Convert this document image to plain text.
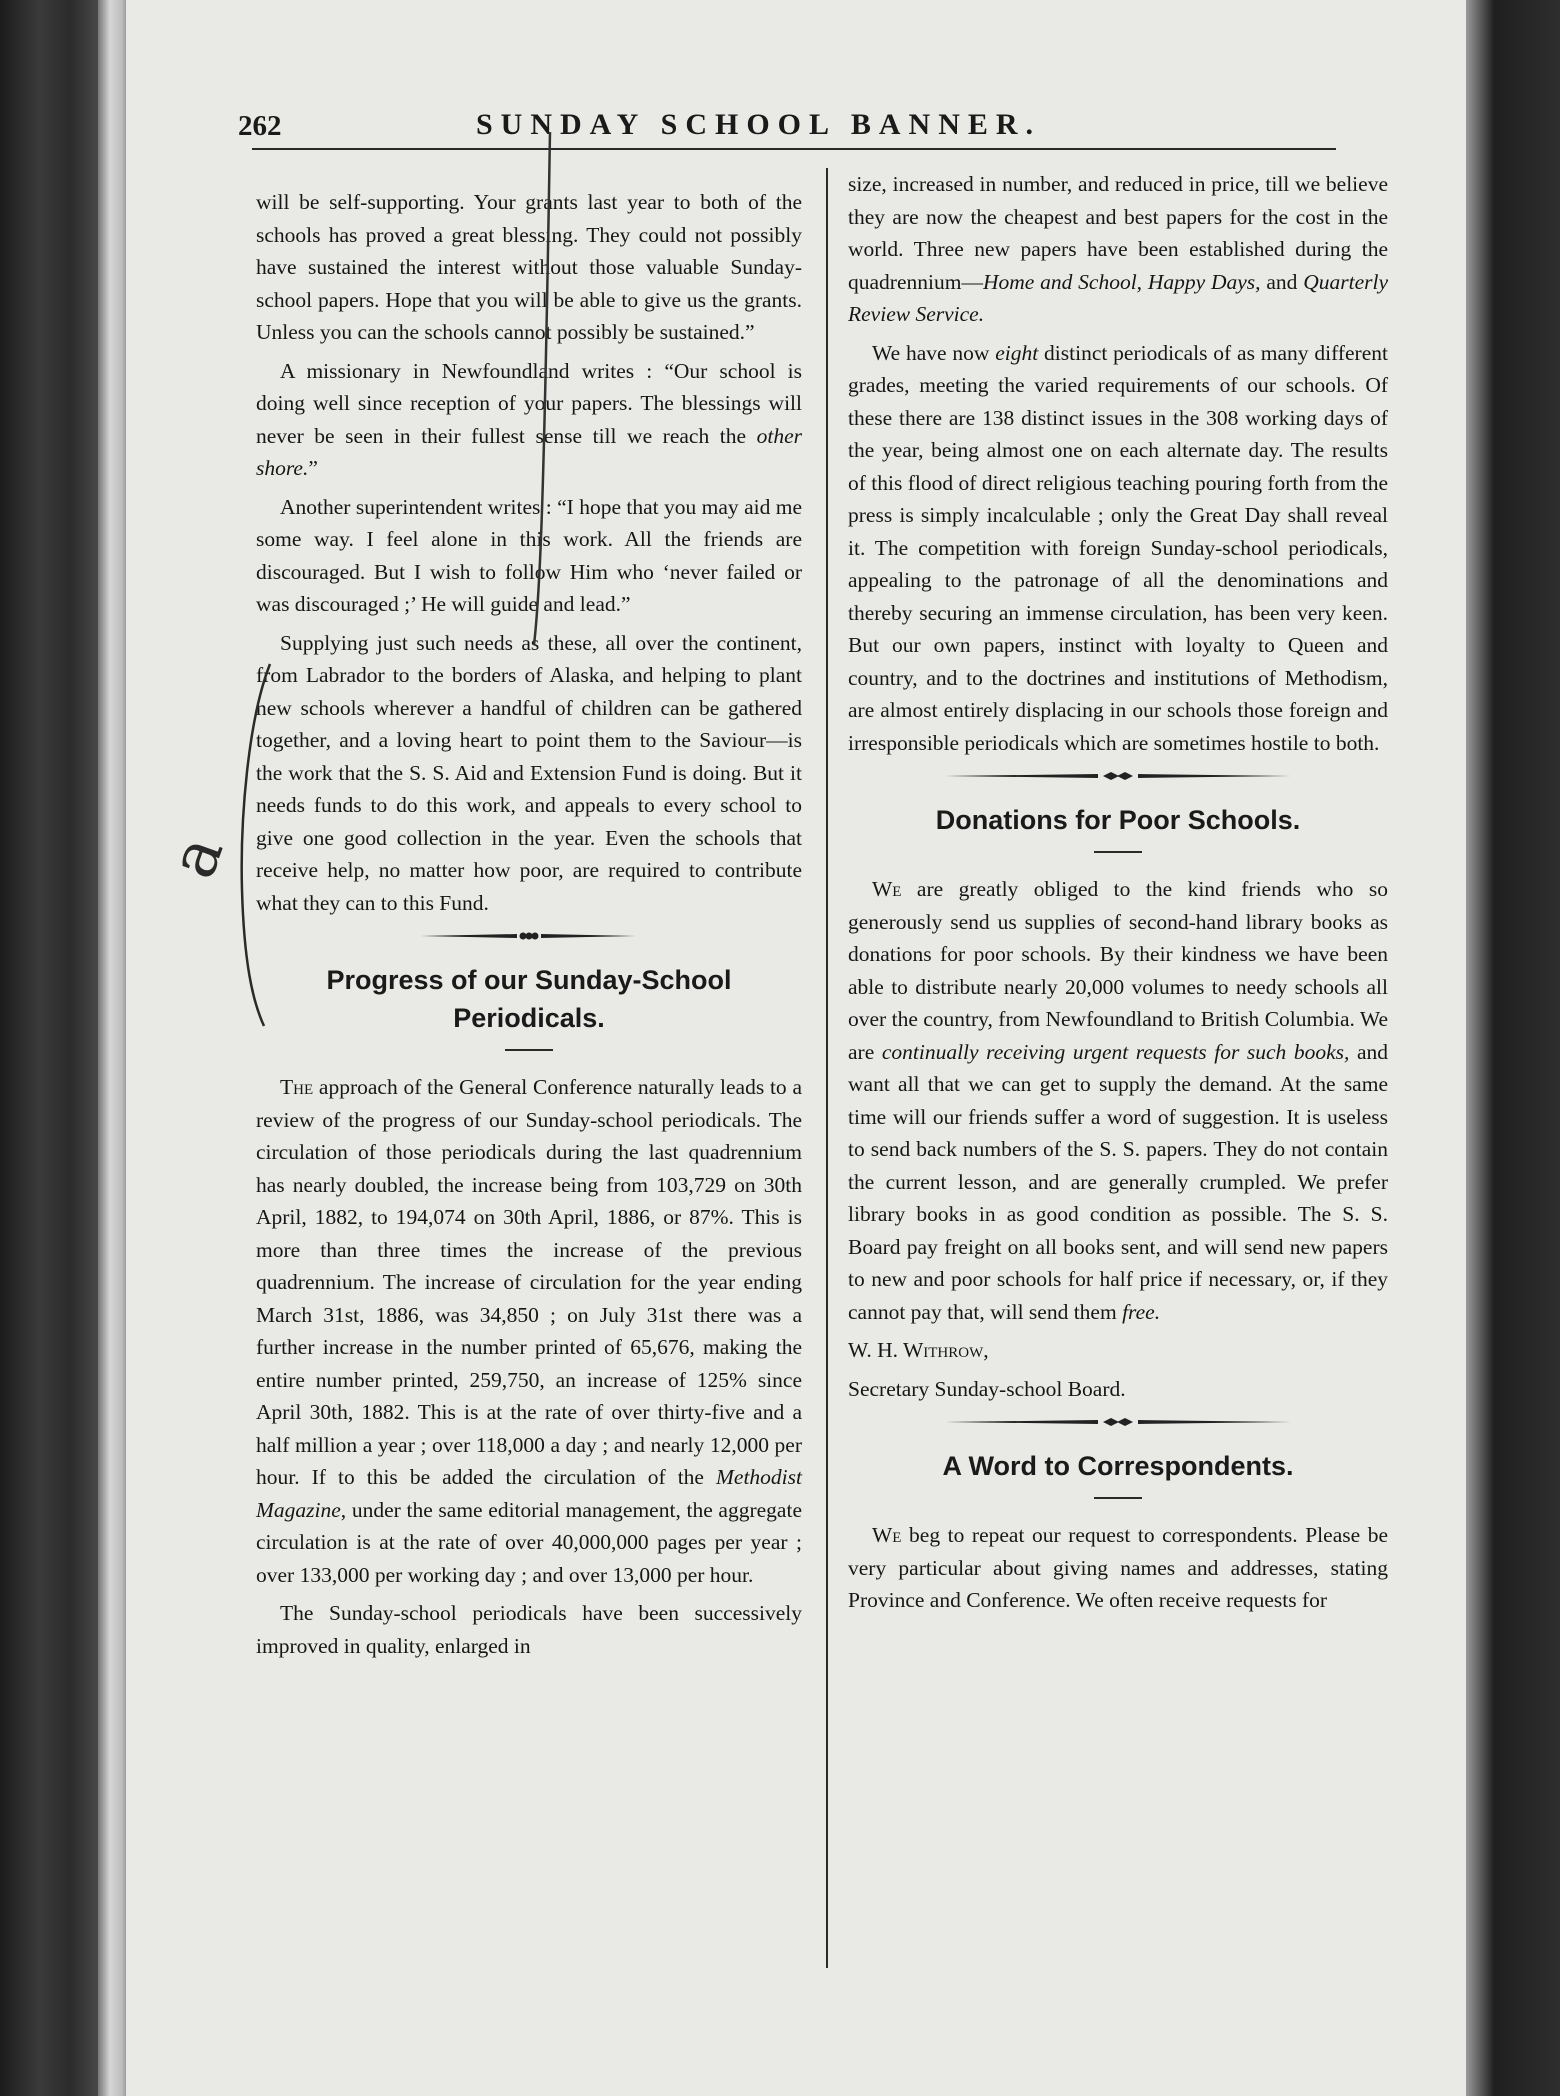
262	SUNDAY SCHOOL BANNER.

will be self-supporting. Your grants last year to both of the schools has proved a great blessing. They could not possibly have sustained the interest without those valuable Sunday-school papers. Hope that you will be able to give us the grants. Unless you can the schools cannot possibly be sustained.”

A missionary in Newfoundland writes : “Our school is doing well since reception of your papers. The blessings will never be seen in their fullest sense till we reach the other shore.”

Another superintendent writes : “I hope that you may aid me some way. I feel alone in this work. All the friends are discouraged. But I wish to follow Him who ‘never failed or was discouraged ;’ He will guide and lead.”

Supplying just such needs as these, all over the continent, from Labrador to the borders of Alaska, and helping to plant new schools wherever a handful of children can be gathered together, and a loving heart to point them to the Saviour—is the work that the S. S. Aid and Extension Fund is doing. But it needs funds to do this work, and appeals to every school to give one good collection in the year. Even the schools that receive help, no matter how poor, are required to contribute what they can to this Fund.

Progress of our Sunday-School Periodicals.

The approach of the General Conference naturally leads to a review of the progress of our Sunday-school periodicals. The circulation of those periodicals during the last quadrennium has nearly doubled, the increase being from 103,729 on 30th April, 1882, to 194,074 on 30th April, 1886, or 87%. This is more than three times the increase of the previous quadrennium. The increase of circulation for the year ending March 31st, 1886, was 34,850 ; on July 31st there was a further increase in the number printed of 65,676, making the entire number printed, 259,750, an increase of 125% since April 30th, 1882. This is at the rate of over thirty-five and a half million a year ; over 118,000 a day ; and nearly 12,000 per hour. If to this be added the circulation of the Methodist Magazine, under the same editorial management, the aggregate circulation is at the rate of over 40,000,000 pages per year ; over 133,000 per working day ; and over 13,000 per hour.

The Sunday-school periodicals have been successively improved in quality, enlarged in

size, increased in number, and reduced in price, till we believe they are now the cheapest and best papers for the cost in the world. Three new papers have been established during the quadrennium—Home and School, Happy Days, and Quarterly Review Service.

We have now eight distinct periodicals of as many different grades, meeting the varied requirements of our schools. Of these there are 138 distinct issues in the 308 working days of the year, being almost one on each alternate day. The results of this flood of direct religious teaching pouring forth from the press is simply incalculable ; only the Great Day shall reveal it. The competition with foreign Sunday-school periodicals, appealing to the patronage of all the denominations and thereby securing an immense circulation, has been very keen. But our own papers, instinct with loyalty to Queen and country, and to the doctrines and institutions of Methodism, are almost entirely displacing in our schools those foreign and irresponsible periodicals which are sometimes hostile to both.

Donations for Poor Schools.

We are greatly obliged to the kind friends who so generously send us supplies of second-hand library books as donations for poor schools. By their kindness we have been able to distribute nearly 20,000 volumes to needy schools all over the country, from Newfoundland to British Columbia. We are continually receiving urgent requests for such books, and want all that we can get to supply the demand. At the same time will our friends suffer a word of suggestion. It is useless to send back numbers of the S. S. papers. They do not contain the current lesson, and are generally crumpled. We prefer library books in as good condition as possible. The S. S. Board pay freight on all books sent, and will send new papers to new and poor schools for half price if necessary, or, if they cannot pay that, will send them free.

W. H. Withrow,

Secretary Sunday-school Board.

A Word to Correspondents.

We beg to repeat our request to correspondents. Please be very particular about giving names and addresses, stating Province and Conference. We often receive requests for

a
